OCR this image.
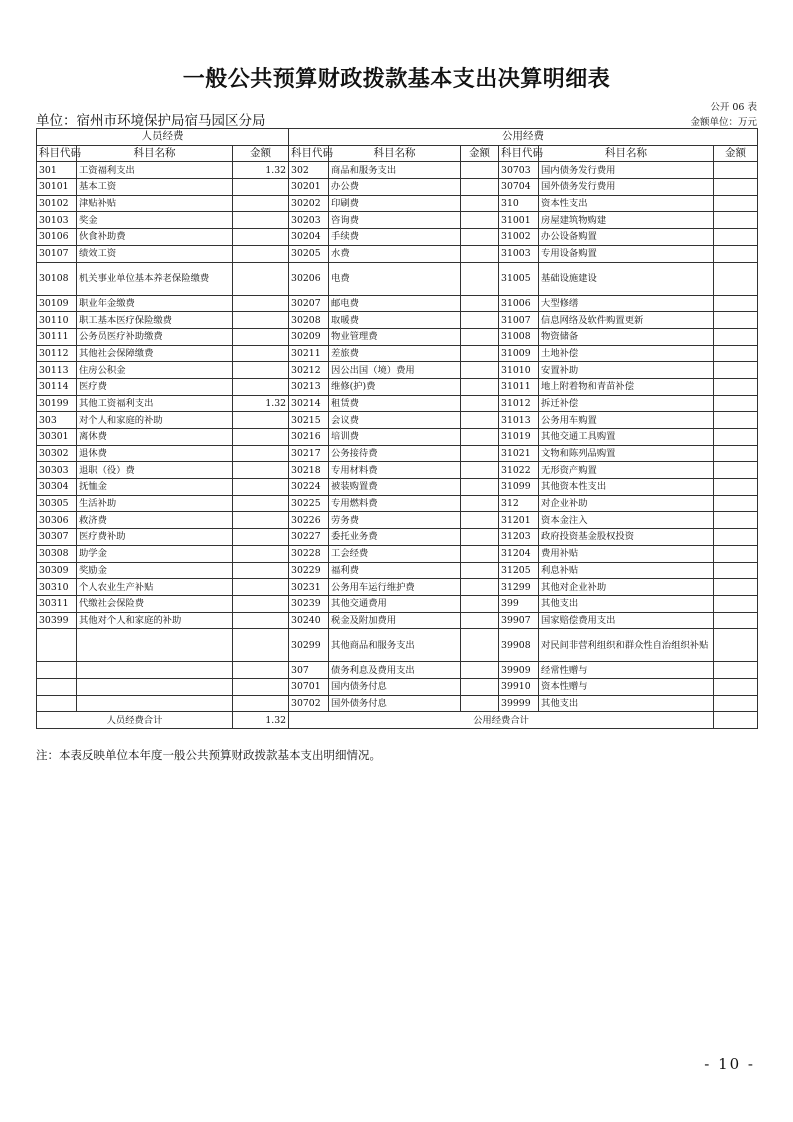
一般公共预算财政拨款基本支出决算明细表
公开 06 表
单位：宿州市环境保护局宿马园区分局	金额单位：万元
人员经费			公用经费					
科目代码	科目名称	金额	科目代码	科目名称	金额	科目代码	科目名称	金额
301	工资福利支出	1.32	302	商品和服务支出		30703	国内债务发行费用	
30101	基本工资		30201	办公费		30704	国外债务发行费用	
30102	津贴补贴		30202	印刷费		310	资本性支出	
30103	奖金		30203	咨询费		31001	房屋建筑物购建	
30106	伙食补助费		30204	手续费		31002	办公设备购置	
30107	绩效工资		30205	水费		31003	专用设备购置	
30108	机关事业单位基本养老保险缴费		30206	电费		31005	基础设施建设	
30109	职业年金缴费		30207	邮电费		31006	大型修缮	
30110	职工基本医疗保险缴费		30208	取暖费		31007	信息网络及软件购置更新	
30111	公务员医疗补助缴费		30209	物业管理费		31008	物资储备	
30112	其他社会保障缴费		30211	差旅费		31009	土地补偿	
30113	住房公积金		30212	因公出国（境）费用		31010	安置补助	
30114	医疗费		30213	维修(护)费		31011	地上附着物和青苗补偿	
30199	其他工资福利支出	1.32	30214	租赁费		31012	拆迁补偿	
303	对个人和家庭的补助		30215	会议费		31013	公务用车购置	
30301	离休费		30216	培训费		31019	其他交通工具购置	
30302	退休费		30217	公务接待费		31021	文物和陈列品购置	
30303	退职（役）费		30218	专用材料费		31022	无形资产购置	
30304	抚恤金		30224	被装购置费		31099	其他资本性支出	
30305	生活补助		30225	专用燃料费		312	对企业补助	
30306	救济费		30226	劳务费		31201	资本金注入	
30307	医疗费补助		30227	委托业务费		31203	政府投资基金股权投资	
30308	助学金		30228	工会经费		31204	费用补贴	
30309	奖励金		30229	福利费		31205	利息补贴	
30310	个人农业生产补贴		30231	公务用车运行维护费		31299	其他对企业补助	
30311	代缴社会保险费		30239	其他交通费用		399	其他支出	
30399	其他对个人和家庭的补助		30240	税金及附加费用		39907	国家赔偿费用支出	
			30299	其他商品和服务支出		39908	对民间非营利组织和群众性自治组织补贴	
			307	债务利息及费用支出		39909	经常性赠与	
			30701	国内债务付息		39910	资本性赠与	
			30702	国外债务付息		39999	其他支出	
人员经费合计		1.32	公用经费合计					
注：本表反映单位本年度一般公共预算财政拨款基本支出明细情况。
- 10 -
